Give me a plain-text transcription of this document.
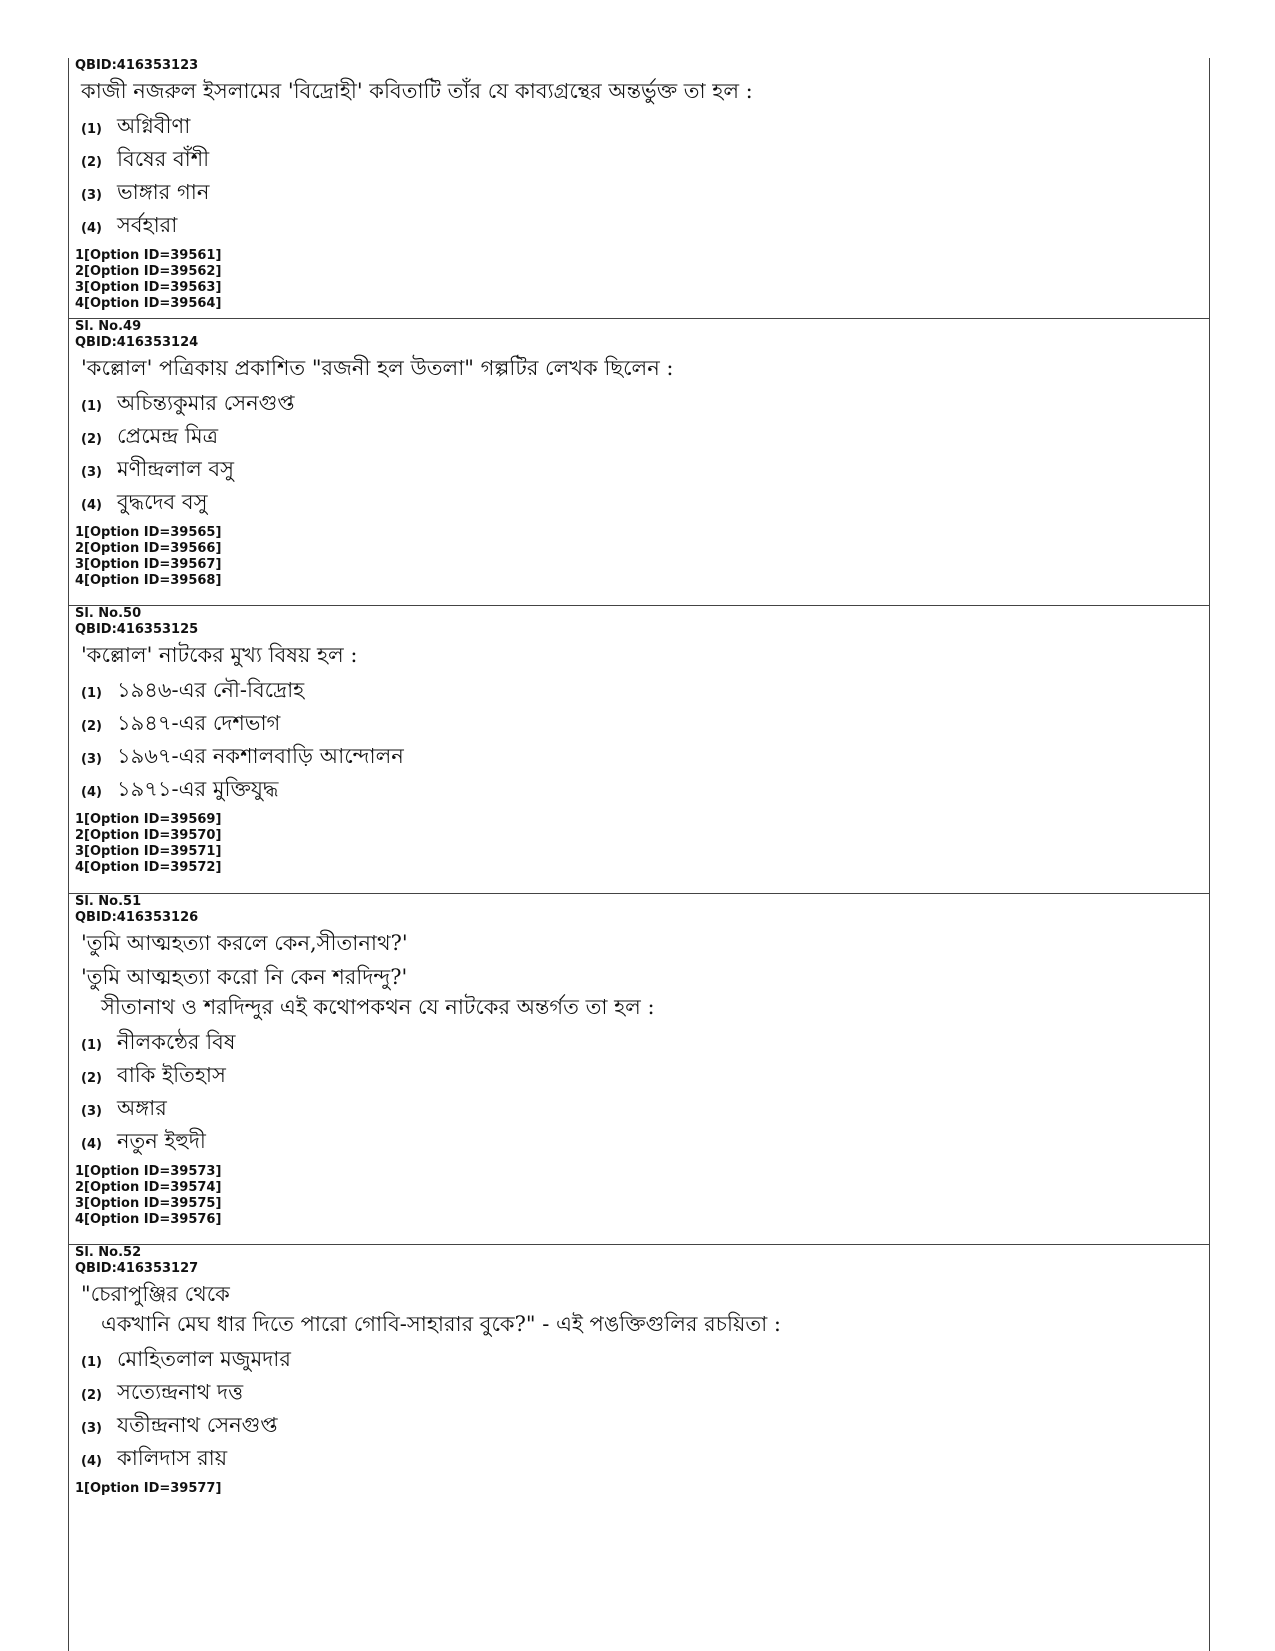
QBID:416353123
কাজী নজরুল ইসলামের 'বিদ্রোহী' কবিতাটি তাঁর যে কাব্যগ্রন্থের অন্তর্ভুক্ত তা হল :
(1) অগ্নিবীণা
(2) বিষের বাঁশী
(3) ভাঙ্গার গান
(4) সর্বহারা
1[Option ID=39561]
2[Option ID=39562]
3[Option ID=39563]
4[Option ID=39564]
Sl. No.49
QBID:416353124
'কল্লোল' পত্রিকায় প্রকাশিত "রজনী হল উতলা" গল্পটির লেখক ছিলেন :
(1) অচিন্ত্যকুমার সেনগুপ্ত
(2) প্রেমেন্দ্র মিত্র
(3) মণীন্দ্রলাল বসু
(4) বুদ্ধদেব বসু
1[Option ID=39565]
2[Option ID=39566]
3[Option ID=39567]
4[Option ID=39568]
Sl. No.50
QBID:416353125
'কল্লোল' নাটকের মুখ্য বিষয় হল :
(1) ১৯৪৬-এর নৌ-বিদ্রোহ
(2) ১৯৪৭-এর দেশভাগ
(3) ১৯৬৭-এর নকশালবাড়ি আন্দোলন
(4) ১৯৭১-এর মুক্তিযুদ্ধ
1[Option ID=39569]
2[Option ID=39570]
3[Option ID=39571]
4[Option ID=39572]
Sl. No.51
QBID:416353126
'তুমি আত্মহত্যা করলে কেন,সীতানাথ?'
'তুমি আত্মহত্যা করো নি কেন শরদিন্দু?'
সীতানাথ ও শরদিন্দুর এই কথোপকথন যে নাটকের অন্তর্গত তা হল :
(1) নীলকন্ঠের বিষ
(2) বাকি ইতিহাস
(3) অঙ্গার
(4) নতুন ইহুদী
1[Option ID=39573]
2[Option ID=39574]
3[Option ID=39575]
4[Option ID=39576]
Sl. No.52
QBID:416353127
"চেরাপুঞ্জির থেকে
একখানি মেঘ ধার দিতে পারো গোবি-সাহারার বুকে?" - এই পঙক্তিগুলির রচয়িতা :
(1) মোহিতলাল মজুমদার
(2) সত্যেন্দ্রনাথ দত্ত
(3) যতীন্দ্রনাথ সেনগুপ্ত
(4) কালিদাস রায়
1[Option ID=39577]
